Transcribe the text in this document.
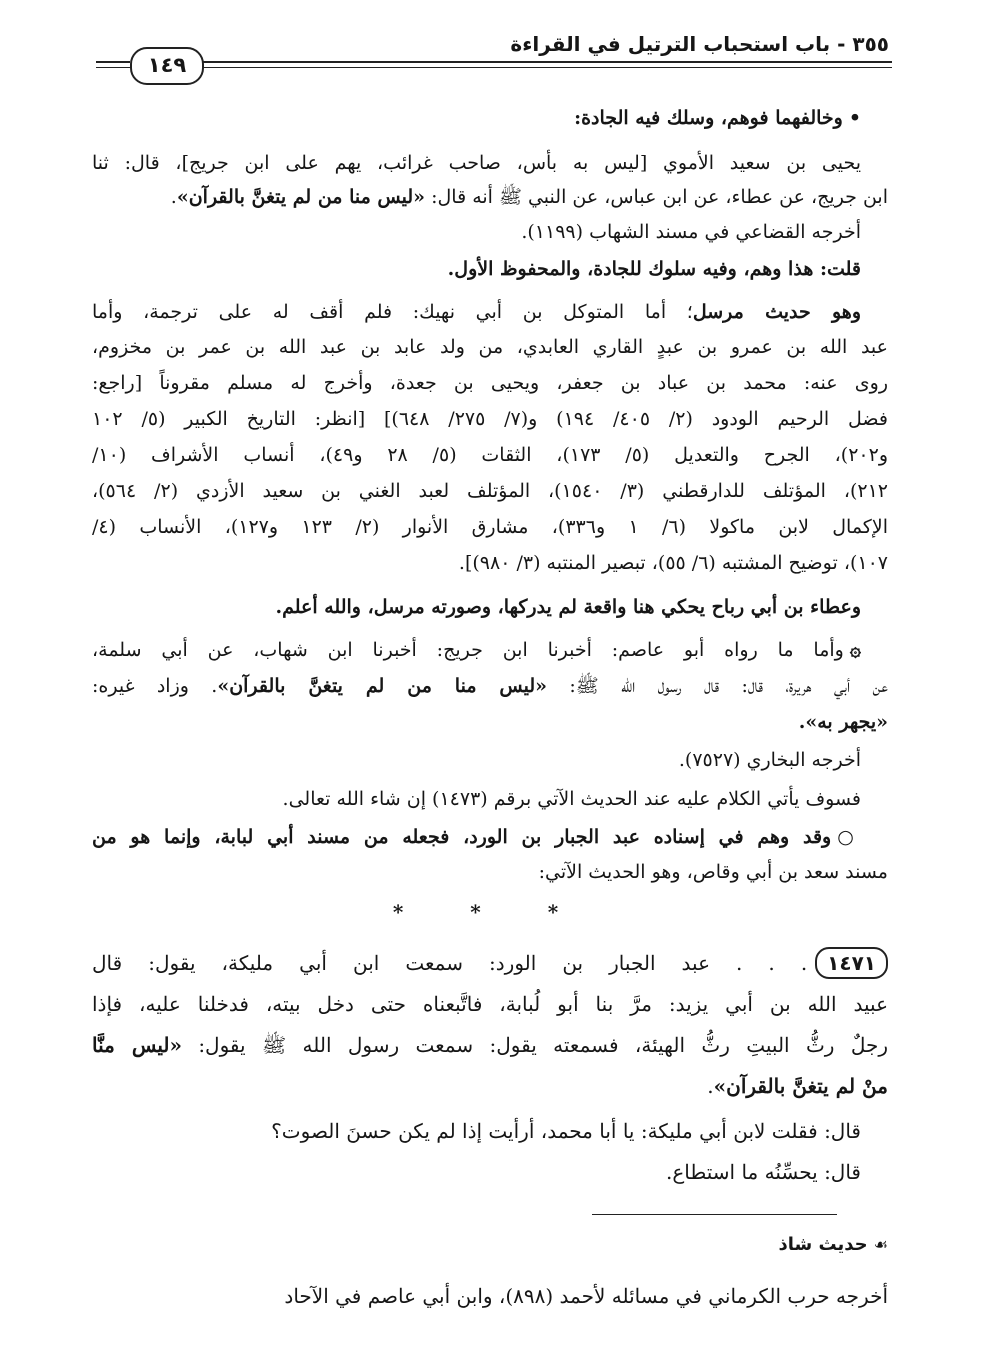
٣٥٥ - باب استحباب الترتيل في القراءة
١٤٩
•وخالفهما فوهم، وسلك فيه الجادة:
يحيى بن سعيد الأموي [ليس به بأس، صاحب غرائب، يهم على ابن جريج]، قال: ثنا
ابن جريج، عن عطاء، عن ابن عباس، عن النبي ﷺ أنه قال: «ليس منا من لم يتغنَّ بالقرآن».
أخرجه القضاعي في مسند الشهاب (١١٩٩).
قلت: هذا وهم، وفيه سلوك للجادة، والمحفوظ الأول.
وهو حديث مرسل؛ أما المتوكل بن أبي نهيك: فلم أقف له على ترجمة، وأما
عبد الله بن عمرو بن عبدٍ القاري العابدي، من ولد عابد بن عبد الله بن عمر بن مخزوم،
روى عنه: محمد بن عباد بن جعفر، ويحيى بن جعدة، وأخرج له مسلم مقروناً [راجع:
فضل الرحيم الودود (٢/ ٤٠٥/ ١٩٤) و(٧/ ٢٧٥/ ٦٤٨)] [انظر: التاريخ الكبير (٥/ ١٠٢
و٢٠٢)، الجرح والتعديل (٥/ ١٧٣)، الثقات (٥/ ٢٨ و٤٩)، أنساب الأشراف (١٠/
٢١٢)، المؤتلف للدارقطني (٣/ ١٥٤٠)، المؤتلف لعبد الغني بن سعيد الأزدي (٢/ ٥٦٤)،
الإكمال لابن ماكولا (٦/ ١ و٣٣٦)، مشارق الأنوار (٢/ ١٢٣ و١٢٧)، الأنساب (٤/
١٠٧)، توضيح المشتبه (٦/ ٥٥)، تبصير المنتبه (٣/ ٩٨٠)].
وعطاء بن أبي رباح يحكي هنا واقعة لم يدركها، وصورته مرسل، والله أعلم.
۞وأما ما رواه أبو عاصم: أخبرنا ابن جريج: أخبرنا ابن شهاب، عن أبي سلمة،
عن أبي هريرة، قال: قال رسول الله ﷺ: «ليس منا من لم يتغنَّ بالقرآن». وزاد غيره:
«يجهر به».
أخرجه البخاري (٧٥٢٧).
فسوف يأتي الكلام عليه عند الحديث الآتي برقم (١٤٧٣) إن شاء الله تعالى.
○وقد وهم في إسناده عبد الجبار بن الورد، فجعله من مسند أبي لبابة، وإنما هو من
مسند سعد بن أبي وقاص، وهو الحديث الآتي:
* * *
١٤٧١. . . عبد الجبار بن الورد: سمعت ابن أبي مليكة، يقول: قال
عبيد الله بن أبي يزيد: مرَّ بنا أبو لُبابة، فاتَّبعناه حتى دخل بيته، فدخلنا عليه، فإذا
رجلٌ رثُّ البيتِ رثُّ الهيئة، فسمعته يقول: سمعت رسول الله ﷺ يقول: «ليس منَّا
منْ لم يتغنَّ بالقرآن».
قال: فقلت لابن أبي مليكة: يا أبا محمد، أرأيت إذا لم يكن حسنَ الصوت؟
قال: يحسِّنُه ما استطاع.
☙حديث شاذ
أخرجه حرب الكرماني في مسائله لأحمد (٨٩٨)، وابن أبي عاصم في الآحاد
